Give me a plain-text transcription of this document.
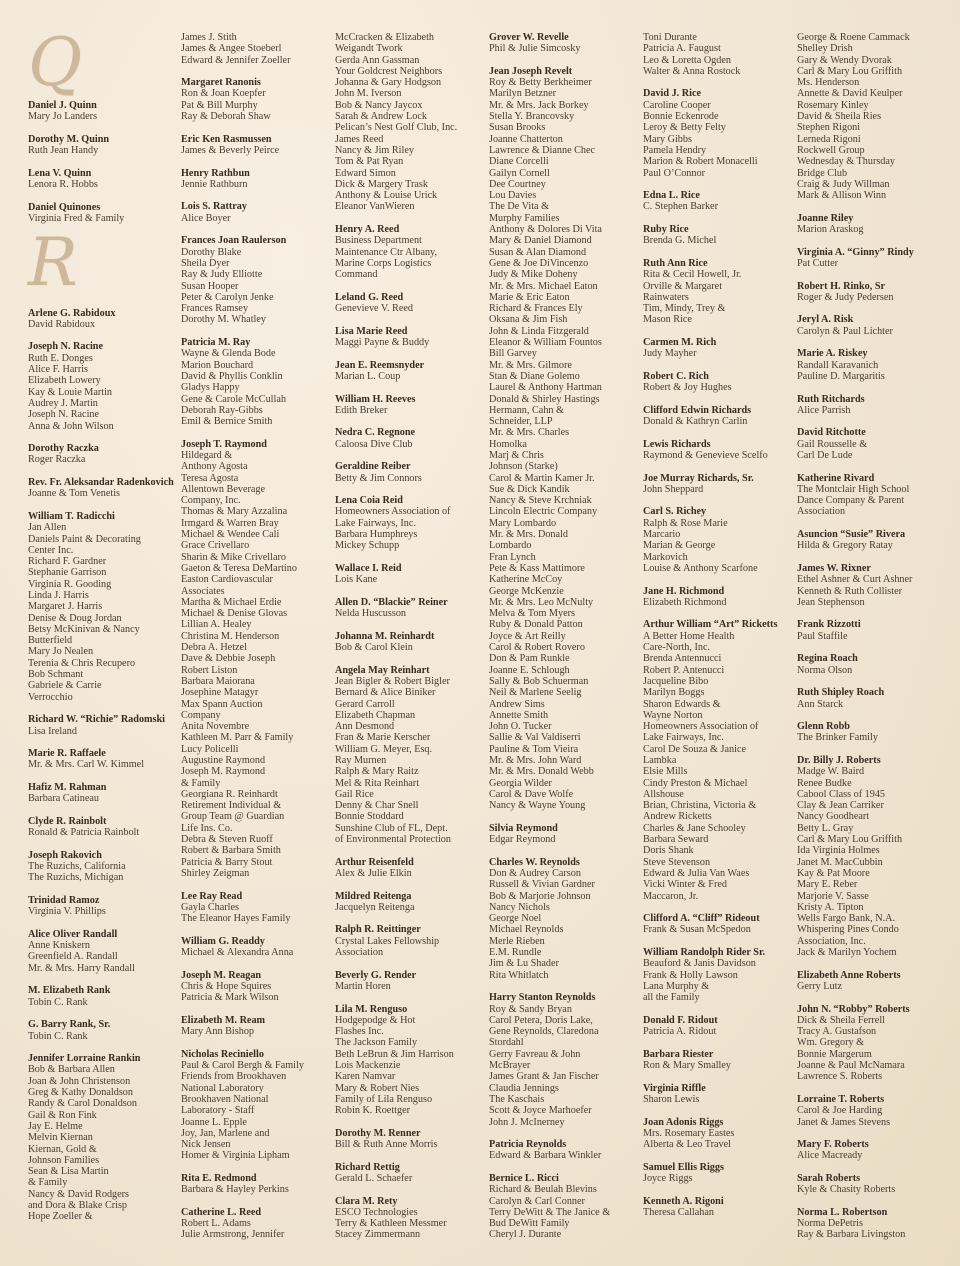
Q
Daniel J. Quinn
Mary Jo Landers
Dorothy M. Quinn
Ruth Jean Handy
Lena V. Quinn
Lenora R. Hobbs
Daniel Quinones
Virginia Fred & Family
R
Arlene G. Rabidoux
David Rabidoux
Joseph N. Racine
Ruth E. Donges
Alice F. Harris
Elizabeth Lowery
Kay & Louie Martin
Audrey J. Martin
Joseph N. Racine
Anna & John Wilson
Dorothy Raczka
Roger Raczka
Rev. Fr. Aleksandar Radenkovich
Joanne & Tom Venetis
William T. Radicchi
Jan Allen
Daniels Paint & Decorating
Center Inc.
Richard F. Gardner
Stephanie Garrison
Virginia R. Gooding
Linda J. Harris
Margaret J. Harris
Denise & Doug Jordan
Betsy McKinivan & Nancy
Butterfield
Mary Jo Nealen
Terenia & Chris Recupero
Bob Schmant
Gabriele & Carrie
Verrocchio
Richard W. “Richie” Radomski
Lisa Ireland
Marie R. Raffaele
Mr. & Mrs. Carl W. Kimmel
Hafiz M. Rahman
Barbara Catineau
Clyde R. Rainbolt
Ronald & Patricia Rainbolt
Joseph Rakovich
The Ruzichs, California
The Ruzichs, Michigan
Trinidad Ramoz
Virginia V. Phillips
Alice Oliver Randall
Anne Kniskern
Greenfield A. Randall
Mr. & Mrs. Harry Randall
M. Elizabeth Rank
Tobin C. Rank
G. Barry Rank, Sr.
Tobin C. Rank
Jennifer Lorraine Rankin
Bob & Barbara Allen
Joan & John Christenson
Greg & Kathy Donaldson
Randy & Carol Donaldson
Gail & Ron Fink
Jay E. Helme
Melvin Kiernan
Kiernan, Gold &
Johnson Families
Sean & Lisa Martin
& Family
Nancy & David Rodgers
and Dora & Blake Crisp
Hope Zoeller &
James J. Stith
James & Angee Stoeberl
Edward & Jennifer Zoeller
Margaret Ranonis
Ron & Joan Koepfer
Pat & Bill Murphy
Ray & Deborah Shaw
Eric Ken Rasmussen
James & Beverly Peirce
Henry Rathbun
Jennie Rathburn
Lois S. Rattray
Alice Boyer
Frances Joan Raulerson
Dorothy Blake
Sheila Dyer
Ray & Judy Elliotte
Susan Hooper
Peter & Carolyn Jenke
Frances Ramsey
Dorothy M. Whatley
Patricia M. Ray
Wayne & Glenda Bode
Marion Bouchard
David & Phyllis Conklin
Gladys Happy
Gene & Carole McCullah
Deborah Ray-Gibbs
Emil & Bernice Smith
Joseph T. Raymond
Hildegard &
Anthony Agosta
Teresa Agosta
Allentown Beverage
Company, Inc.
Thomas & Mary Azzalina
Irmgard & Warren Bray
Michael & Wendee Cali
Grace Crivellaro
Sharin & Mike Crivellaro
Gaeton & Teresa DeMartino
Easton Cardiovascular
Associates
Martha & Michael Erdie
Michael & Denise Glovas
Lillian A. Healey
Christina M. Henderson
Debra A. Hetzel
Dave & Debbie Joseph
Robert Liston
Barbara Maiorana
Josephine Matagyr
Max Spann Auction
Company
Anita Novembre
Kathleen M. Parr & Family
Lucy Policelli
Augustine Raymond
Joseph M. Raymond
& Family
Georgiana R. Reinhardt
Retirement Individual &
Group Team @ Guardian
Life Ins. Co.
Debra & Steven Ruoff
Robert & Barbara Smith
Patricia & Barry Stout
Shirley Zeigman
Lee Ray Read
Gayla Charles
The Eleanor Hayes Family
William G. Readdy
Michael & Alexandra Anna
Joseph M. Reagan
Chris & Hope Squires
Patricia & Mark Wilson
Elizabeth M. Ream
Mary Ann Bishop
Nicholas Reciniello
Paul & Carol Bergh & Family
Friends from Brookhaven
National Laboratory
Brookhaven National
Laboratory - Staff
Joanne L. Epple
Joy, Jan, Marlene and
Nick Jensen
Homer & Virginia Lipham
Rita E. Redmond
Barbara & Hayley Perkins
Catherine L. Reed
Robert L. Adams
Julie Armstrong, Jennifer
McCracken & Elizabeth
Weigandt Twork
Gerda Ann Gassman
Your Goldcrest Neighbors
Johanna & Gary Hodgson
John M. Iverson
Bob & Nancy Jaycox
Sarah & Andrew Lock
Pelican’s Nest Golf Club, Inc.
James Reed
Nancy & Jim Riley
Tom & Pat Ryan
Edward Simon
Dick & Margery Trask
Anthony & Louise Urick
Eleanor VanWieren
Henry A. Reed
Business Department
Maintenance Ctr Albany,
Marine Corps Logistics
Command
Leland G. Reed
Genevieve V. Reed
Lisa Marie Reed
Maggi Payne & Buddy
Jean E. Reemsnyder
Marian L. Coup
William H. Reeves
Edith Breker
Nedra C. Regnone
Caloosa Dive Club
Geraldine Reiber
Betty & Jim Connors
Lena Coia Reid
Homeowners Association of
Lake Fairways, Inc.
Barbara Humphreys
Mickey Schupp
Wallace I. Reid
Lois Kane
Allen D. “Blackie” Reiner
Nelda Huscusson
Johanna M. Reinhardt
Bob & Carol Klein
Angela May Reinhart
Jean Bigler & Robert Bigler
Bernard & Alice Biniker
Gerard Carroll
Elizabeth Chapman
Ann Desmond
Fran & Marie Kerscher
William G. Meyer, Esq.
Ray Murnen
Ralph & Mary Raitz
Mel & Rita Reinhart
Gail Rice
Denny & Char Snell
Bonnie Stoddard
Sunshine Club of FL, Dept.
of Environmental Protection
Arthur Reisenfeld
Alex & Julie Elkin
Mildred Reitenga
Jacquelyn Reitenga
Ralph R. Reittinger
Crystal Lakes Fellowship
Association
Beverly G. Render
Martin Horen
Lila M. Renguso
Hodgepodge & Hot
Flashes Inc.
The Jackson Family
Beth LeBrun & Jim Harrison
Lois Mackenzie
Karen Namvar
Mary & Robert Nies
Family of Lila Renguso
Robin K. Roettger
Dorothy M. Renner
Bill & Ruth Anne Morris
Richard Rettig
Gerald L. Schaefer
Clara M. Rety
ESCO Technologies
Terry & Kathleen Messmer
Stacey Zimmermann
Grover W. Revelle
Phil & Julie Simcosky
Jean Joseph Revelt
Roy & Betty Berkheimer
Marilyn Betzner
Mr. & Mrs. Jack Borkey
Stella Y. Brancovsky
Susan Brooks
Joanne Chatterton
Lawrence & Dianne Chec
Diane Corcelli
Gailyn Cornell
Dee Courtney
Lou Davies
The De Vita &
Murphy Families
Anthony & Dolores Di Vita
Mary & Daniel Diamond
Susan & Alan Diamond
Gene & Joe DiVincenzo
Judy & Mike Doheny
Mr. & Mrs. Michael Eaton
Marie & Eric Eaton
Richard & Frances Ely
Oksana & Jim Fish
John & Linda Fitzgerald
Eleanor & William Fountos
Bill Garvey
Mr. & Mrs. Gilmore
Stan & Diane Golemo
Laurel & Anthony Hartman
Donald & Shirley Hastings
Hermann, Cahn &
Schneider, LLP
Mr. & Mrs. Charles
Homolka
Marj & Chris
Johnson (Starke)
Carol & Martin Kamer Jr.
Sue & Dick Kandik
Nancy & Steve Krchniak
Lincoln Electric Company
Mary Lombardo
Mr. & Mrs. Donald
Lombardo
Fran Lynch
Pete & Kass Mattimore
Katherine McCoy
George McKenzie
Mr. & Mrs. Leo McNulty
Melva & Tom Myers
Ruby & Donald Patton
Joyce & Art Reilly
Carol & Robert Rovero
Don & Pam Runkle
Joanne E. Schlough
Sally & Bob Schuerman
Neil & Marlene Seelig
Andrew Sims
Annette Smith
John O. Tucker
Sallie & Val Valdiserri
Pauline & Tom Vieira
Mr. & Mrs. John Ward
Mr. & Mrs. Donald Webb
Georgia Wilder
Carol & Dave Wolfe
Nancy & Wayne Young
Silvia Reymond
Edgar Reymond
Charles W. Reynolds
Don & Audrey Carson
Russell & Vivian Gardner
Bob & Marjorie Johnson
Nancy Nichols
George Noel
Michael Reynolds
Merle Rieben
E.M. Rundle
Jim & Lu Shader
Rita Whitlatch
Harry Stanton Reynolds
Roy & Sandy Bryan
Carol Petera, Doris Lake,
Gene Reynolds, Claredona
Stordahl
Gerry Favreau & John
McBrayer
James Grant & Jan Fischer
Claudia Jennings
The Kaschais
Scott & Joyce Marhoefer
John J. McInerney
Patricia Reynolds
Edward & Barbara Winkler
Bernice L. Ricci
Richard & Beulah Blevins
Carolyn & Carl Conner
Terry DeWitt & The Janice &
Bud DeWitt Family
Cheryl J. Durante
Toni Durante
Patricia A. Faugust
Leo & Loretta Ogden
Walter & Anna Rostock
David J. Rice
Caroline Cooper
Bonnie Eckenrode
Leroy & Betty Felty
Mary Gibbs
Pamela Hendry
Marion & Robert Monacelli
Paul O’Connor
Edna L. Rice
C. Stephen Barker
Ruby Rice
Brenda G. Michel
Ruth Ann Rice
Rita & Cecil Howell, Jr.
Orville & Margaret
Rainwaters
Tim, Mindy, Trey &
Mason Rice
Carmen M. Rich
Judy Mayher
Robert C. Rich
Robert & Joy Hughes
Clifford Edwin Richards
Donald & Kathryn Carlin
Lewis Richards
Raymond & Genevieve Scelfo
Joe Murray Richards, Sr.
John Sheppard
Carl S. Richey
Ralph & Rose Marie
Marcario
Marian & George
Markovich
Louise & Anthony Scarfone
Jane H. Richmond
Elizabeth Richmond
Arthur William “Art” Ricketts
A Better Home Health
Care-North, Inc.
Brenda Antennucci
Robert P. Antenucci
Jacqueline Bibo
Marilyn Boggs
Sharon Edwards &
Wayne Norton
Homeowners Association of
Lake Fairways, Inc.
Carol De Souza & Janice
Lambka
Elsie Mills
Cindy Preston & Michael
Allshouse
Brian, Christina, Victoria &
Andrew Ricketts
Charles & Jane Schooley
Barbara Seward
Doris Shank
Steve Stevenson
Edward & Julia Van Waes
Vicki Winter & Fred
Maccaron, Jr.
Clifford A. “Cliff” Rideout
Frank & Susan McSpedon
William Randolph Rider Sr.
Beauford & Janis Davidson
Frank & Holly Lawson
Lana Murphy &
all the Family
Donald F. Ridout
Patricia A. Ridout
Barbara Riester
Ron & Mary Smalley
Virginia Riffle
Sharon Lewis
Joan Adonis Riggs
Mrs. Rosemary Eastes
Alberta & Leo Travel
Samuel Ellis Riggs
Joyce Riggs
Kenneth A. Rigoni
Theresa Callahan
George & Roene Cammack
Shelley Drish
Gary & Wendy Dvorak
Carl & Mary Lou Griffith
Ms. Henderson
Annette & David Keulper
Rosemary Kinley
David & Sheila Ries
Stephen Rigoni
Lerneda Rigoni
Rockwell Group
Wednesday & Thursday
Bridge Club
Craig & Judy Willman
Mark & Allison Winn
Joanne Riley
Marion Araskog
Virginia A. “Ginny” Rindy
Pat Cutter
Robert H. Rinko, Sr
Roger & Judy Pedersen
Jeryl A. Risk
Carolyn & Paul Lichter
Marie A. Riskey
Randall Karavanich
Pauline D. Margaritis
Ruth Ritchards
Alice Parrish
David Ritchotte
Gail Rousselle &
Carl De Lude
Katherine Rivard
The Montclair High School
Dance Company & Parent
Association
Asuncion “Susie” Rivera
Hilda & Gregory Ratay
James W. Rixner
Ethel Ashner & Curt Ashner
Kenneth & Ruth Collister
Jean Stephenson
Frank Rizzotti
Paul Staffile
Regina Roach
Norma Olson
Ruth Shipley Roach
Ann Starck
Glenn Robb
The Brinker Family
Dr. Billy J. Roberts
Madge W. Baird
Renee Budke
Cabool Class of 1945
Clay & Jean Carriker
Nancy Goodheart
Betty L. Gray
Carl & Mary Lou Griffith
Ida Virginia Holmes
Janet M. MacCubbin
Kay & Pat Moore
Mary E. Reber
Marjorie V. Sasse
Kristy A. Tipton
Wells Fargo Bank, N.A.
Whispering Pines Condo
Association, Inc.
Jack & Marilyn Yochem
Elizabeth Anne Roberts
Gerry Lutz
John N. “Robby” Roberts
Dick & Sheila Ferrell
Tracy A. Gustafson
Wm. Gregory &
Bonnie Margerum
Joanne & Paul McNamara
Lawrence S. Roberts
Lorraine T. Roberts
Carol & Joe Harding
Janet & James Stevens
Mary F. Roberts
Alice Macready
Sarah Roberts
Kyle & Chasity Roberts
Norma L. Robertson
Norma DePetris
Ray & Barbara Livingston
